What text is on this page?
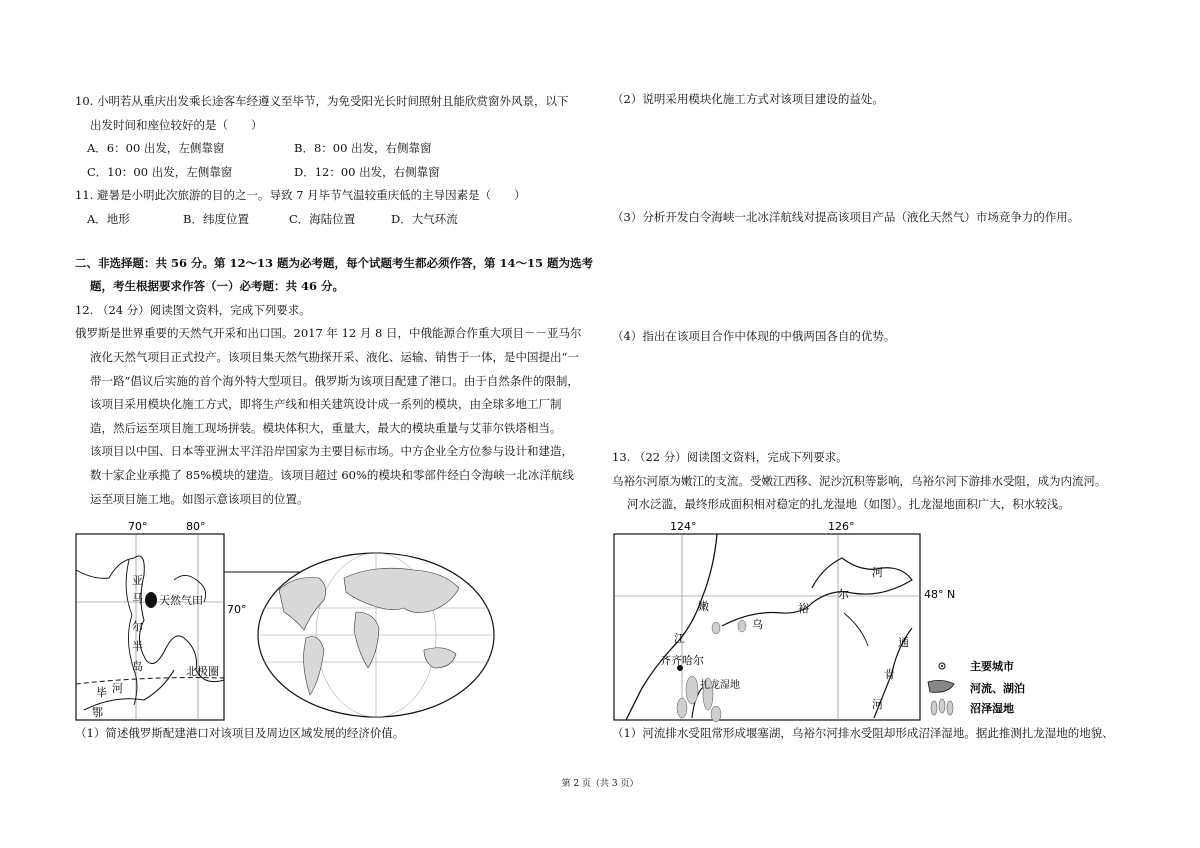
10. 小明若从重庆出发乘长途客车经遵义至毕节，为免受阳光长时间照射且能欣赏窗外风景，以下
出发时间和座位较好的是（　　）
A．6：00 出发，左侧靠窗	B．8：00 出发，右侧靠窗
C．10：00 出发，左侧靠窗	D．12：00 出发，右侧靠窗
11. 避暑是小明此次旅游的目的之一。导致 7 月毕节气温较重庆低的主导因素是（　　）
A．地形	B．纬度位置	C．海陆位置	D．大气环流
二、非选择题：共 56 分。第 12～13 题为必考题，每个试题考生都必须作答，第 14～15 题为选考
题，考生根据要求作答（一）必考题：共 46 分。
12. （24 分）阅读图文资料，完成下列要求。
俄罗斯是世界重要的天然气开采和出口国。2017 年 12 月 8 日，中俄能源合作重大项目－－亚马尔
液化天然气项目正式投产。该项目集天然气勘探开采、液化、运输、销售于一体，是中国提出“一
带一路”倡议后实施的首个海外特大型项目。俄罗斯为该项目配建了港口。由于自然条件的限制，
该项目采用模块化施工方式，即将生产线和相关建筑设计成一系列的模块，由全球多地工厂制
造，然后运至项目施工现场拼装。模块体积大，重量大，最大的模块重量与艾菲尔铁塔相当。
该项目以中国、日本等亚洲太平洋沿岸国家为主要目标市场。中方企业全方位参与设计和建造，
数十家企业承揽了 85%模块的建造。该项目超过 60%的模块和零部件经白令海峡一北冰洋航线
运至项目施工地。如图示意该项目的位置。
70°	80°
70°
天然气田
亚
马
尔
半
岛	北极圈
毕 河
鄂
（1）简述俄罗斯配建港口对该项目及周边区域发展的经济价值。
（2）说明采用模块化施工方式对该项目建设的益处。
（3）分析开发白令海峡一北冰洋航线对提高该项目产品（液化天然气）市场竞争力的作用。
（4）指出在该项目合作中体现的中俄两国各自的优势。
13. （22 分）阅读图文资料，完成下列要求。
乌裕尔河原为嫩江的支流。受嫩江西移、泥沙沉积等影响，乌裕尔河下游排水受阻，成为内流河。
河水泛滥，最终形成面积相对稳定的扎龙湿地（如图）。扎龙湿地面积广大，积水较浅。
124°	126°
48° N
嫩
江
乌
裕
尔
河
通
肯
河
齐齐哈尔
扎龙湿地
主要城市
河流、湖泊
沼泽湿地
（1）河流排水受阻常形成堰塞湖，乌裕尔河排水受阻却形成沼泽湿地。据此推测扎龙湿地的地貌、
第 2 页（共 3 页）
